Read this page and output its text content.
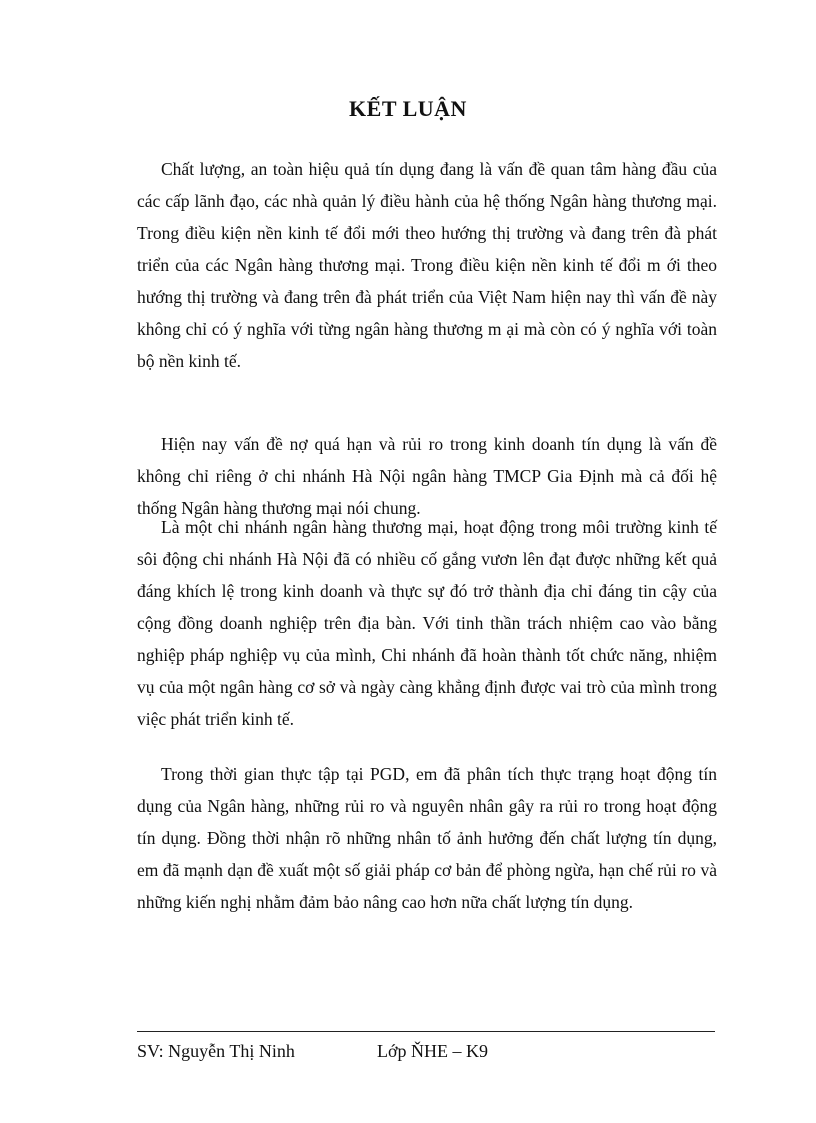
KẾT LUẬN

Chất lượng, an toàn hiệu quả tín dụng đang là vấn đề quan tâm hàng đầu của các cấp lãnh đạo, các nhà quản lý điều hành của hệ thống Ngân hàng thương mại. Trong điều kiện nền kinh tế đổi mới theo hướng thị trường và đang trên đà phát triển của các Ngân hàng thương mại. Trong điều kiện nền kinh tế đổi m ới theo hướng thị trường và đang trên đà phát triển của Việt Nam hiện nay thì vấn đề này không chỉ có ý nghĩa với từng ngân hàng thương m ại mà còn có ý nghĩa với toàn bộ nền kinh tế.

Hiện nay vấn đề nợ quá hạn và rủi ro trong kinh doanh tín dụng là vấn đề không chỉ riêng ở chi nhánh Hà Nội ngân hàng TMCP Gia Định mà cả đối hệ thống Ngân hàng thương mại nói chung.

Là một chi nhánh ngân hàng thương mại, hoạt động trong môi trường kinh tế sôi động chi nhánh Hà Nội đã có nhiều cố gắng vươn lên đạt được những kết quả đáng khích lệ trong kinh doanh và thực sự đó trở thành địa chỉ đáng tin cậy của cộng đồng doanh nghiệp trên địa bàn. Với tinh thần trách nhiệm cao vào bằng nghiệp pháp nghiệp vụ của mình, Chi nhánh đã hoàn thành tốt chức năng, nhiệm vụ của một ngân hàng cơ sở và ngày càng khẳng định được vai trò của mình trong việc phát triển kinh tế.

Trong thời gian thực tập tại PGD, em đã phân tích thực trạng hoạt động tín dụng của Ngân hàng, những rủi ro và nguyên nhân gây ra rủi ro trong hoạt động tín dụng. Đồng thời nhận rõ những nhân tố ảnh hưởng đến chất lượng tín dụng, em đã mạnh dạn đề xuất một số giải pháp cơ bản để phòng ngừa, hạn chế rủi ro và những kiến nghị nhằm đảm bảo nâng cao hơn nữa chất lượng tín dụng.

SV: Nguyễn Thị Ninh	Lớp ŇHE – K9
